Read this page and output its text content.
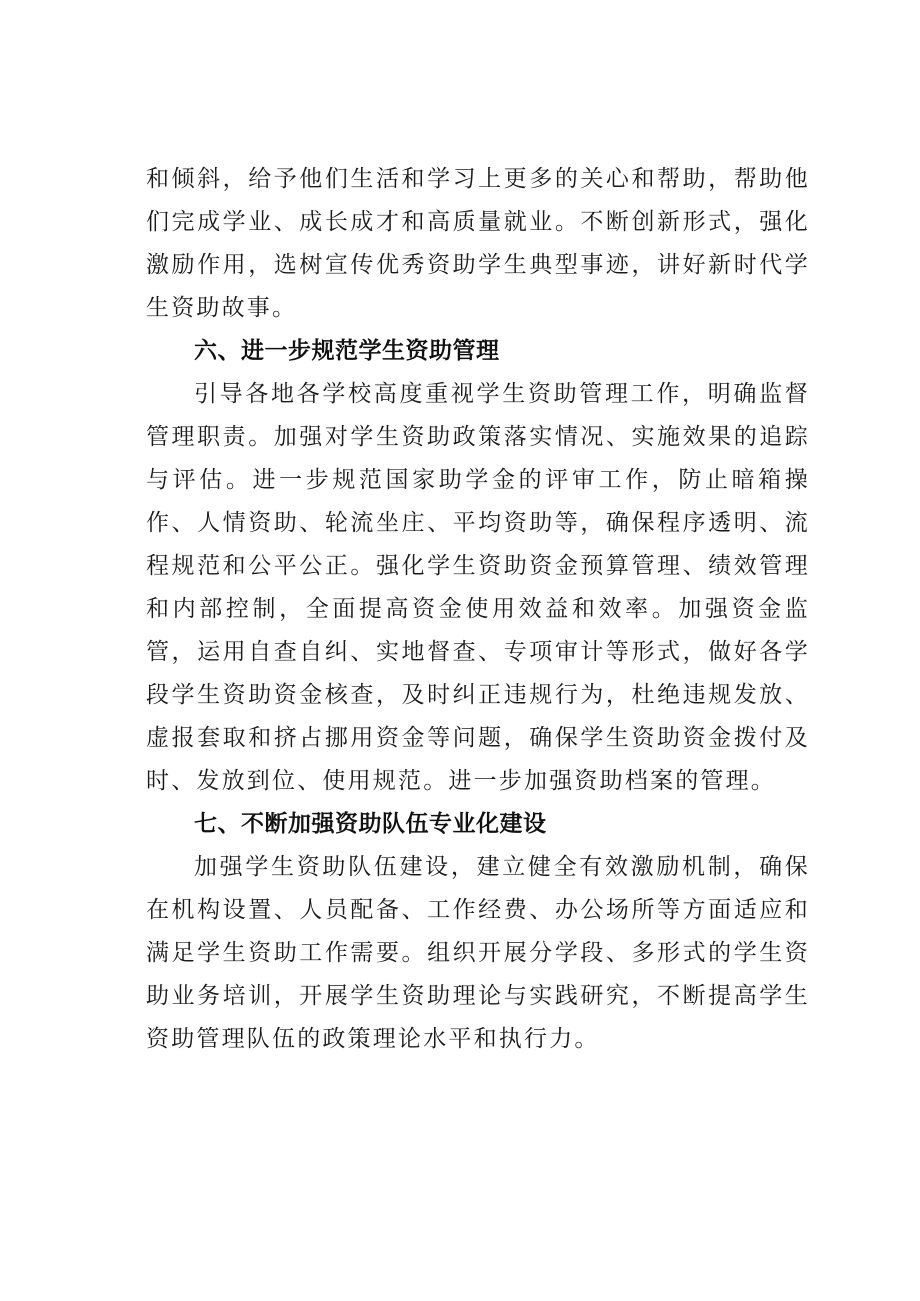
和倾斜，给予他们生活和学习上更多的关心和帮助，帮助他们完成学业、成长成才和高质量就业。不断创新形式，强化激励作用，选树宣传优秀资助学生典型事迹，讲好新时代学生资助故事。

六、进一步规范学生资助管理

引导各地各学校高度重视学生资助管理工作，明确监督管理职责。加强对学生资助政策落实情况、实施效果的追踪与评估。进一步规范国家助学金的评审工作，防止暗箱操作、人情资助、轮流坐庄、平均资助等，确保程序透明、流程规范和公平公正。强化学生资助资金预算管理、绩效管理和内部控制，全面提高资金使用效益和效率。加强资金监管，运用自查自纠、实地督查、专项审计等形式，做好各学段学生资助资金核查，及时纠正违规行为，杜绝违规发放、虚报套取和挤占挪用资金等问题，确保学生资助资金拨付及时、发放到位、使用规范。进一步加强资助档案的管理。

七、不断加强资助队伍专业化建设

加强学生资助队伍建设，建立健全有效激励机制，确保在机构设置、人员配备、工作经费、办公场所等方面适应和满足学生资助工作需要。组织开展分学段、多形式的学生资助业务培训，开展学生资助理论与实践研究，不断提高学生资助管理队伍的政策理论水平和执行力。
